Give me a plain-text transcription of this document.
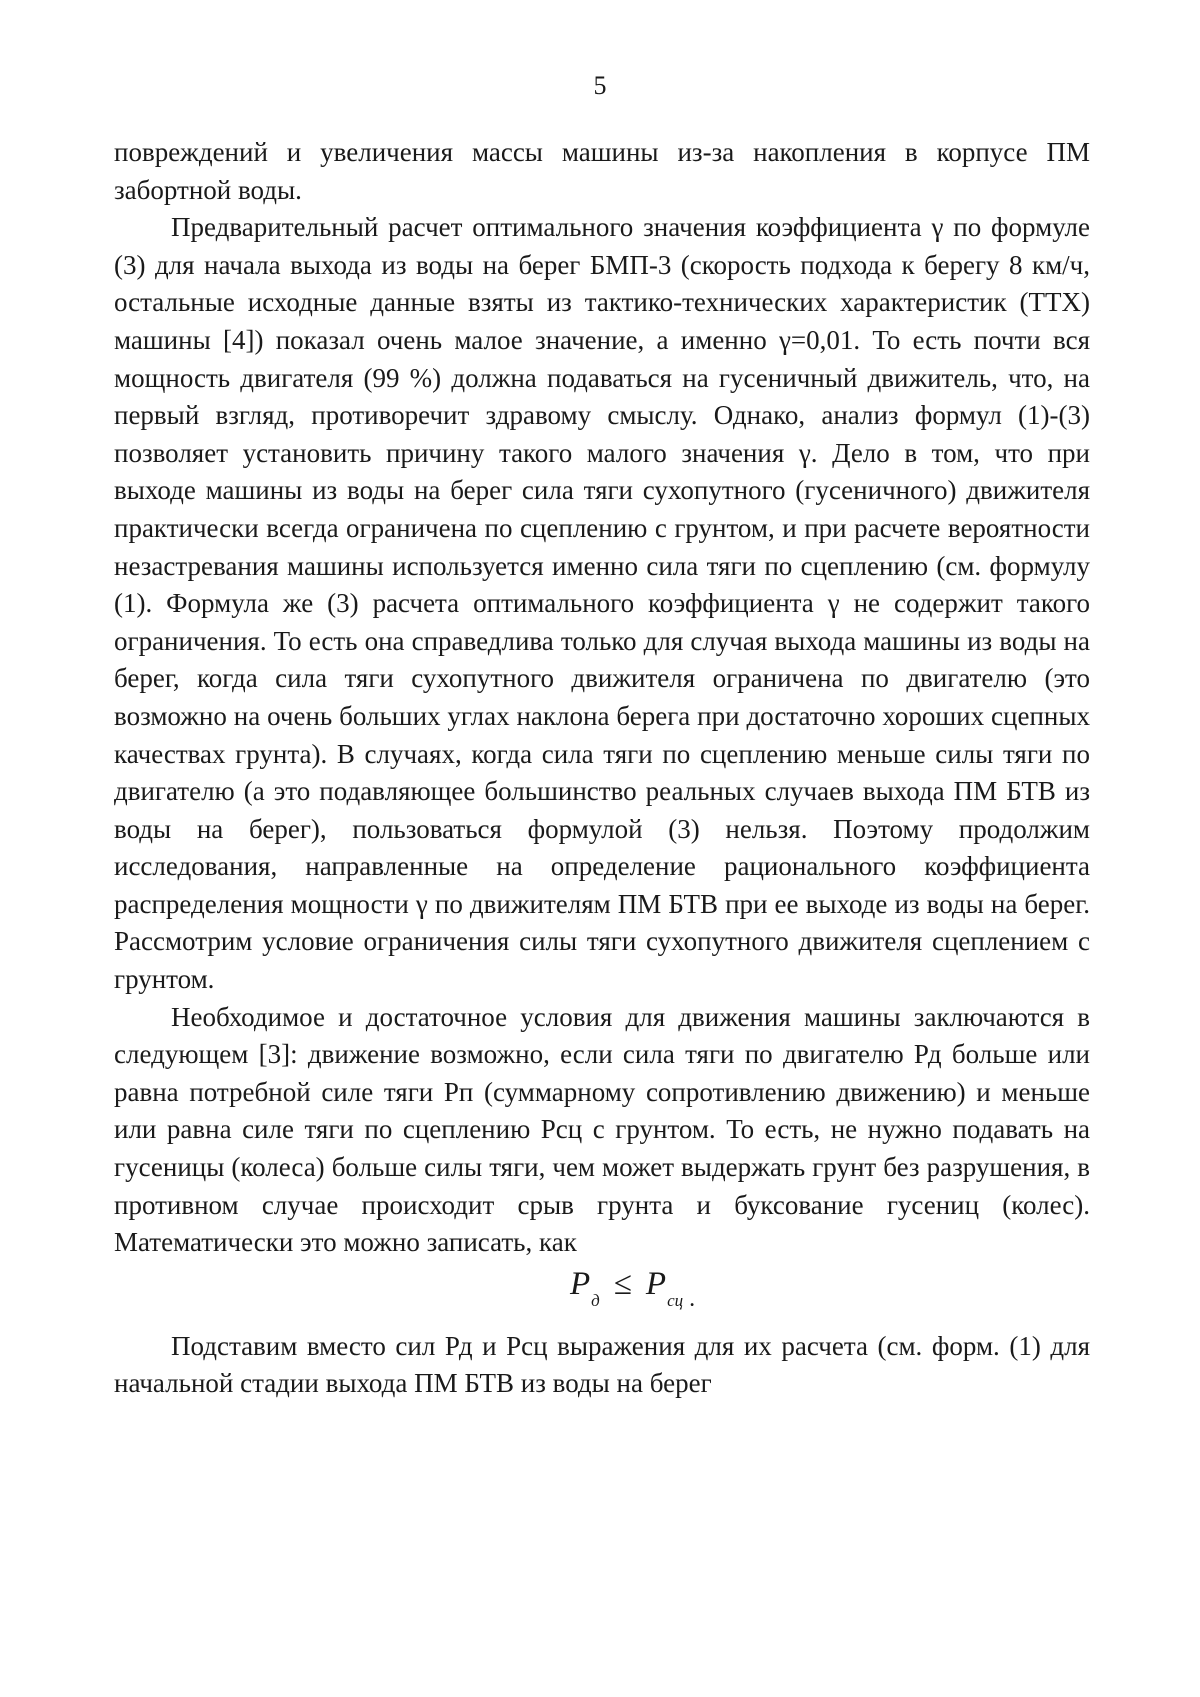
5

повреждений и увеличения массы машины из-за накопления в корпусе ПМ забортной воды.

Предварительный расчет оптимального значения коэффициента γ по формуле (3) для начала выхода из воды на берег БМП-3 (скорость подхода к берегу 8 км/ч, остальные исходные данные взяты из тактико-технических характеристик (ТТХ) машины [4]) показал очень малое значение, а именно γ=0,01. То есть почти вся мощность двигателя (99 %) должна подаваться на гусеничный движитель, что, на первый взгляд, противоречит здравому смыслу. Однако, анализ формул (1)-(3) позволяет установить причину такого малого значения γ. Дело в том, что при выходе машины из воды на берег сила тяги сухопутного (гусеничного) движителя практически всегда ограничена по сцеплению с грунтом, и при расчете вероятности незастревания машины используется именно сила тяги по сцеплению (см. формулу (1). Формула же (3) расчета оптимального коэффициента γ не содержит такого ограничения. То есть она справедлива только для случая выхода машины из воды на берег, когда сила тяги сухопутного движителя ограничена по двигателю (это возможно на очень больших углах наклона берега при достаточно хороших сцепных качествах грунта). В случаях, когда сила тяги по сцеплению меньше силы тяги по двигателю (а это подавляющее большинство реальных случаев выхода ПМ БТВ из воды на берег), пользоваться формулой (3) нельзя. Поэтому продолжим исследования, направленные на определение рационального коэффициента распределения мощности γ по движителям ПМ БТВ при ее выходе из воды на берег. Рассмотрим условие ограничения силы тяги сухопутного движителя сцеплением с грунтом.

Необходимое и достаточное условия для движения машины заключаются в следующем [3]: движение возможно, если сила тяги по двигателю Рд больше или равна потребной силе тяги Рп (суммарному сопротивлению движению) и меньше или равна силе тяги по сцеплению Рсц с грунтом. То есть, не нужно подавать на гусеницы (колеса) больше силы тяги, чем может выдержать грунт без разрушения, в противном случае происходит срыв грунта и буксование гусениц (колес). Математически это можно записать, как

$P_д \le P_{сц}$ $_.$

Подставим вместо сил Рд и Рсц выражения для их расчета (см. форм. (1) для начальной стадии выхода ПМ БТВ из воды на берег
